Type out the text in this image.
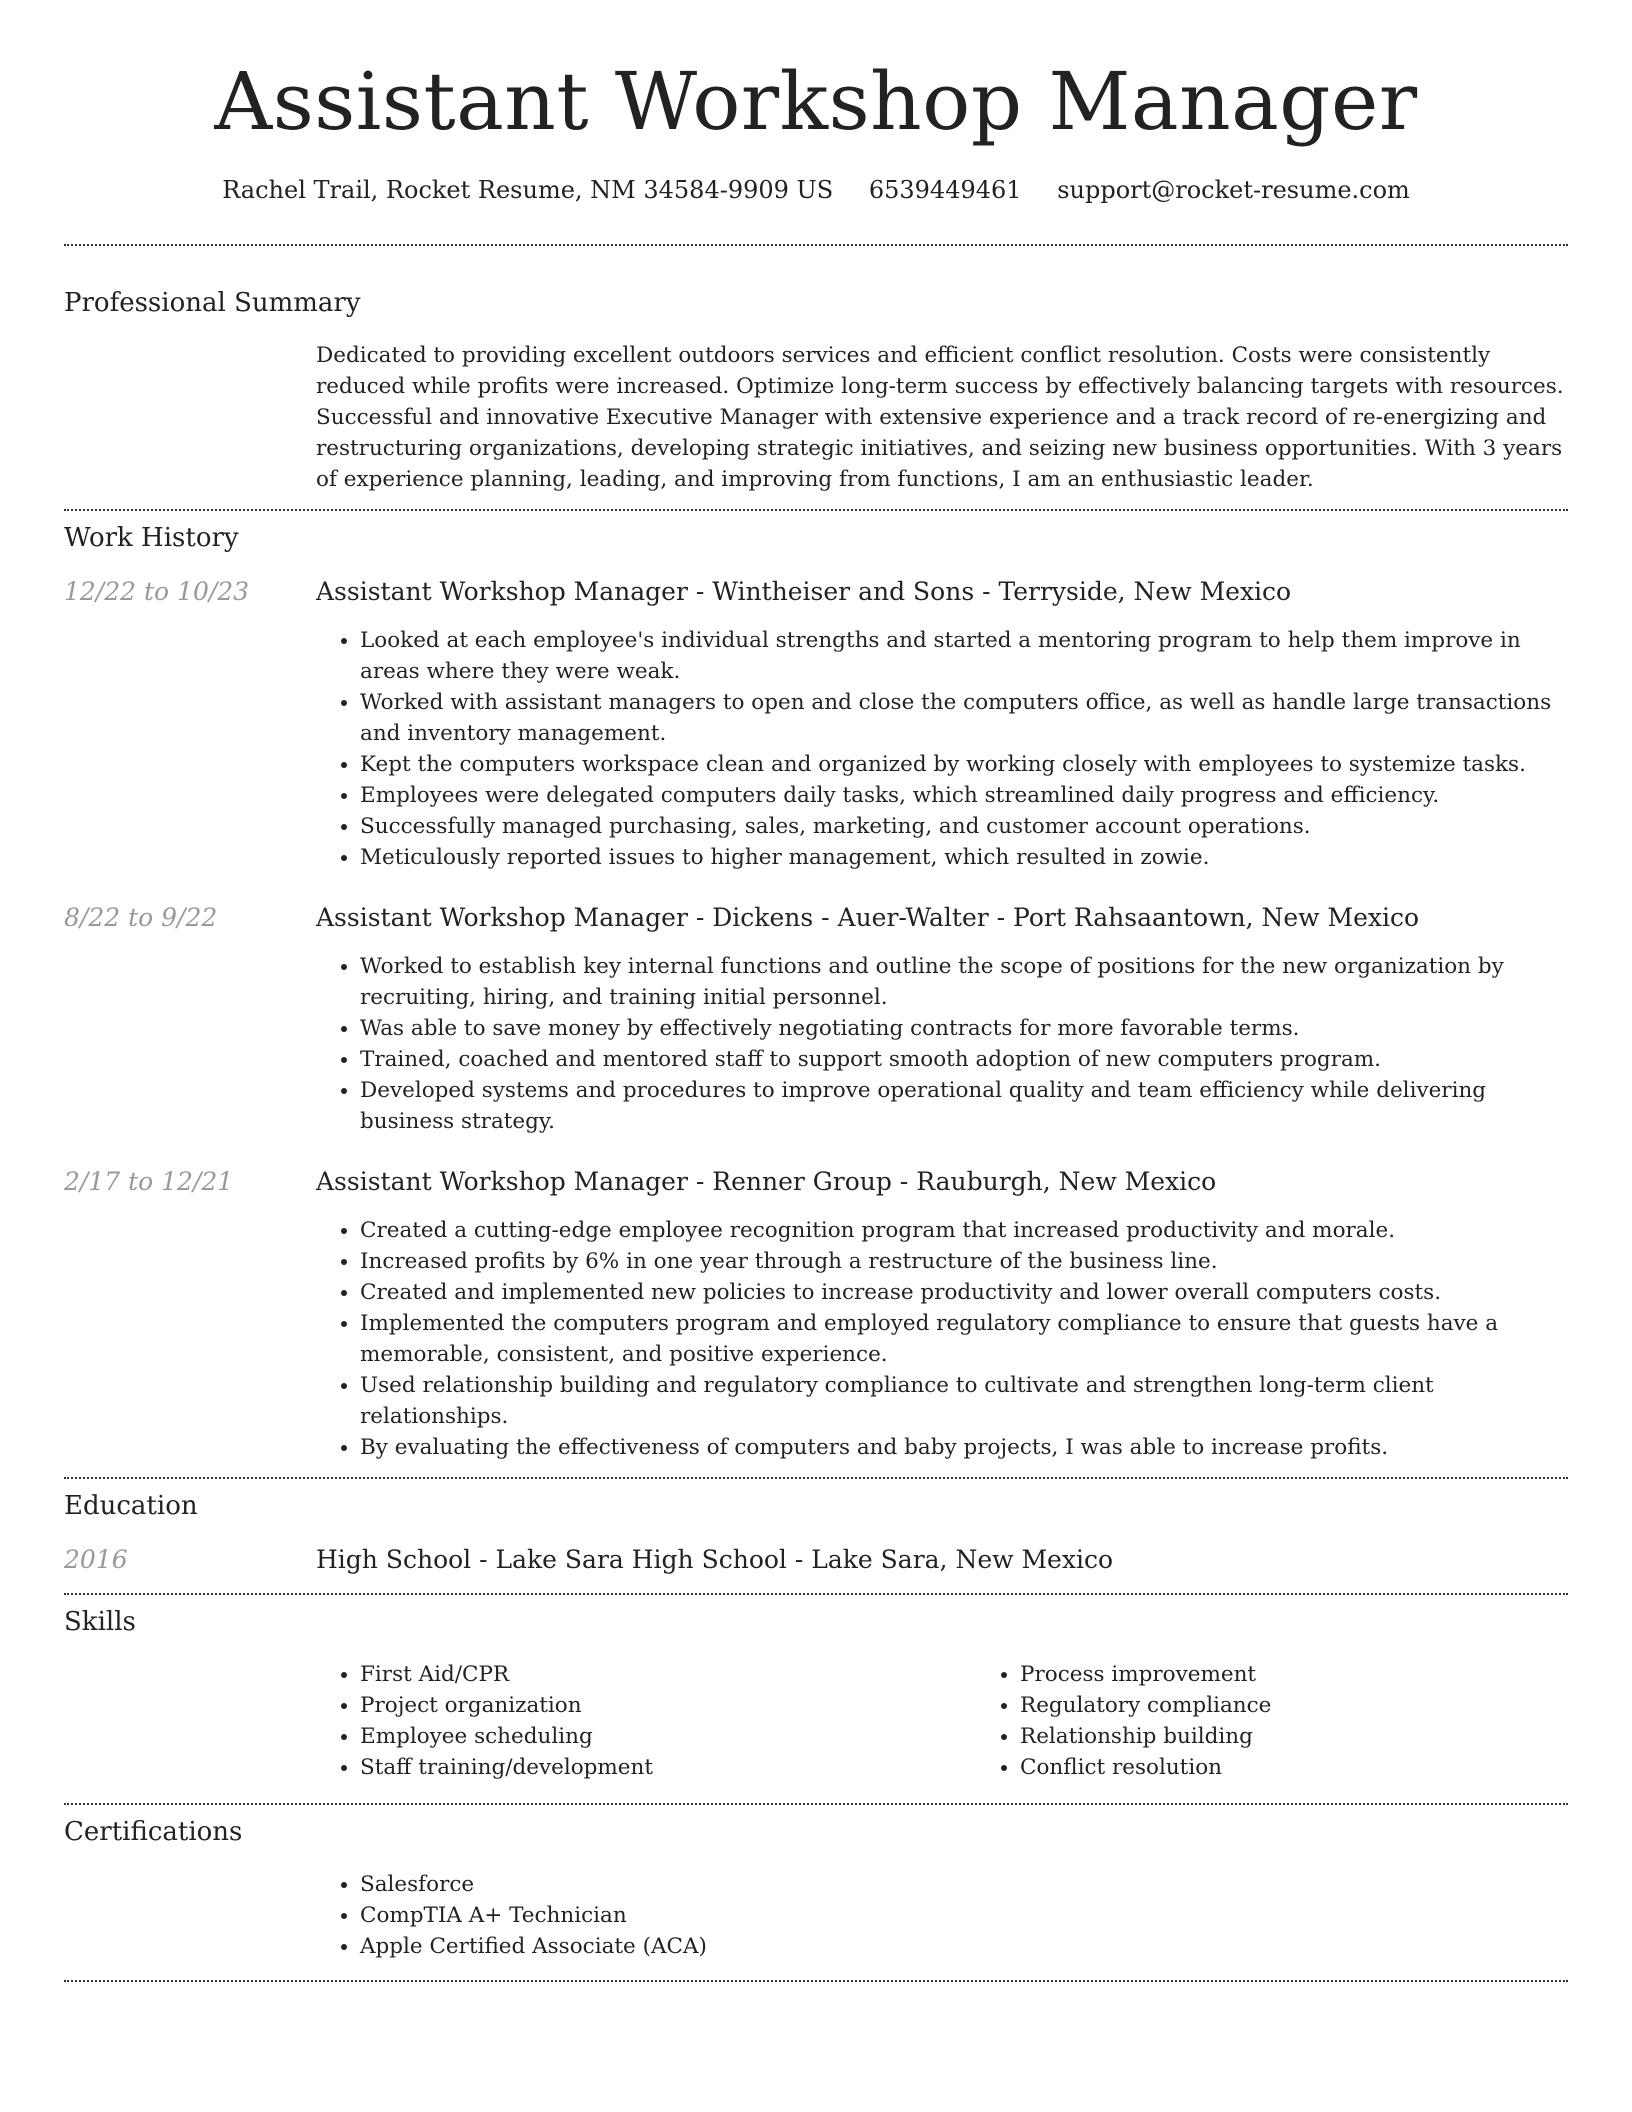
Assistant Workshop Manager
Rachel Trail, Rocket Resume, NM 34584-9909 US 6539449461 support@rocket-resume.com
Professional Summary

Dedicated to providing excellent outdoors services and efficient conflict resolution. Costs were consistently reduced while profits were increased. Optimize long-term success by effectively balancing targets with resources. Successful and innovative Executive Manager with extensive experience and a track record of re-energizing and restructuring organizations, developing strategic initiatives, and seizing new business opportunities. With 3 years of experience planning, leading, and improving from functions, I am an enthusiastic leader.

Work History
12/22 to 10/23	Assistant Workshop Manager - Wintheiser and Sons - Terryside, New Mexico

• Looked at each employee's individual strengths and started a mentoring program to help them improve in areas where they were weak.
• Worked with assistant managers to open and close the computers office, as well as handle large transactions and inventory management.
• Kept the computers workspace clean and organized by working closely with employees to systemize tasks.
• Employees were delegated computers daily tasks, which streamlined daily progress and efficiency.
• Successfully managed purchasing, sales, marketing, and customer account operations.
• Meticulously reported issues to higher management, which resulted in zowie.
8/22 to 9/22	Assistant Workshop Manager - Dickens - Auer-Walter - Port Rahsaantown, New Mexico

• Worked to establish key internal functions and outline the scope of positions for the new organization by recruiting, hiring, and training initial personnel.
• Was able to save money by effectively negotiating contracts for more favorable terms.
• Trained, coached and mentored staff to support smooth adoption of new computers program.
• Developed systems and procedures to improve operational quality and team efficiency while delivering business strategy.
2/17 to 12/21	Assistant Workshop Manager - Renner Group - Rauburgh, New Mexico

• Created a cutting-edge employee recognition program that increased productivity and morale.
• Increased profits by 6% in one year through a restructure of the business line.
• Created and implemented new policies to increase productivity and lower overall computers costs.
• Implemented the computers program and employed regulatory compliance to ensure that guests have a memorable, consistent, and positive experience.
• Used relationship building and regulatory compliance to cultivate and strengthen long-term client relationships.
• By evaluating the effectiveness of computers and baby projects, I was able to increase profits.
Education
2016	High School - Lake Sara High School - Lake Sara, New Mexico

Skills
• First Aid/CPR
• Project organization
• Employee scheduling
• Staff training/development
• Process improvement
• Regulatory compliance
• Relationship building
• Conflict resolution
Certifications
• Salesforce
• CompTIA A+ Technician
• Apple Certified Associate (ACA)
